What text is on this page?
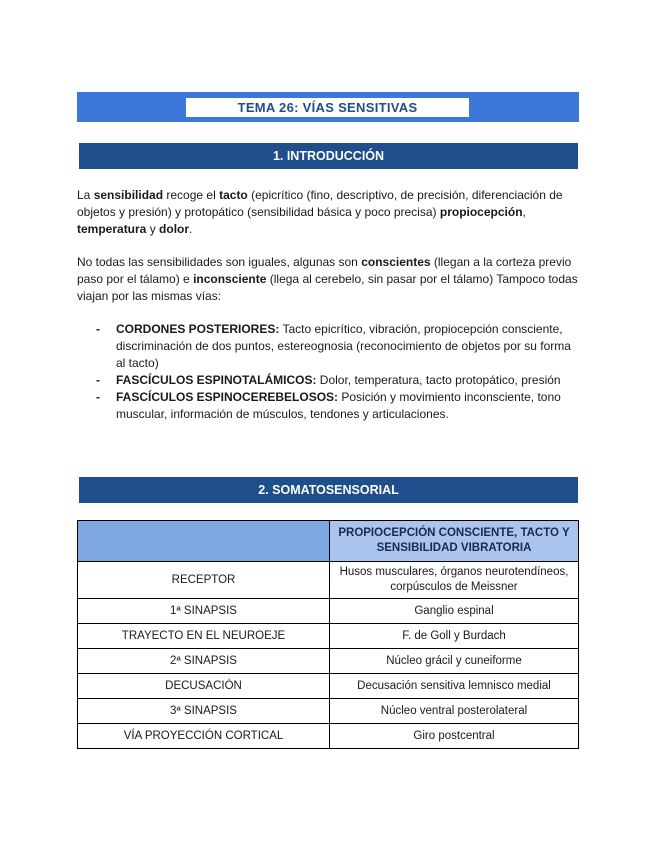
TEMA 26: VÍAS SENSITIVAS
1. INTRODUCCIÓN

La sensibilidad recoge el tacto (epicrítico (fino, descriptivo, de precisión, diferenciación de objetos y presión) y protopático (sensibilidad básica y poco precisa) propiocepción, temperatura y dolor.

No todas las sensibilidades son iguales, algunas son conscientes (llegan a la corteza previo paso por el tálamo) e inconsciente (llega al cerebelo, sin pasar por el tálamo) Tampoco todas viajan por las mismas vías:

- CORDONES POSTERIORES: Tacto epicrítico, vibración, propiocepción consciente, discriminación de dos puntos, estereognosia (reconocimiento de objetos por su forma al tacto)
- FASCÍCULOS ESPINOTALÁMICOS: Dolor, temperatura, tacto protopático, presión
- FASCÍCULOS ESPINOCEREBELOSOS: Posición y movimiento inconsciente, tono muscular, información de músculos, tendones y articulaciones.
2. SOMATOSENSORIAL
	PROPIOCEPCIÓN CONSCIENTE, TACTO Y SENSIBILIDAD VIBRATORIA
RECEPTOR	Husos musculares, órganos neurotendíneos, corpúsculos de Meissner
1ª SINAPSIS	Ganglio espinal
TRAYECTO EN EL NEUROEJE	F. de Goll y Burdach
2ª SINAPSIS	Núcleo grácil y cuneiforme
DECUSACIÓN	Decusación sensitiva lemnisco medial
3ª SINAPSIS	Núcleo ventral posterolateral
VÍA PROYECCIÓN CORTICAL	Giro postcentral
